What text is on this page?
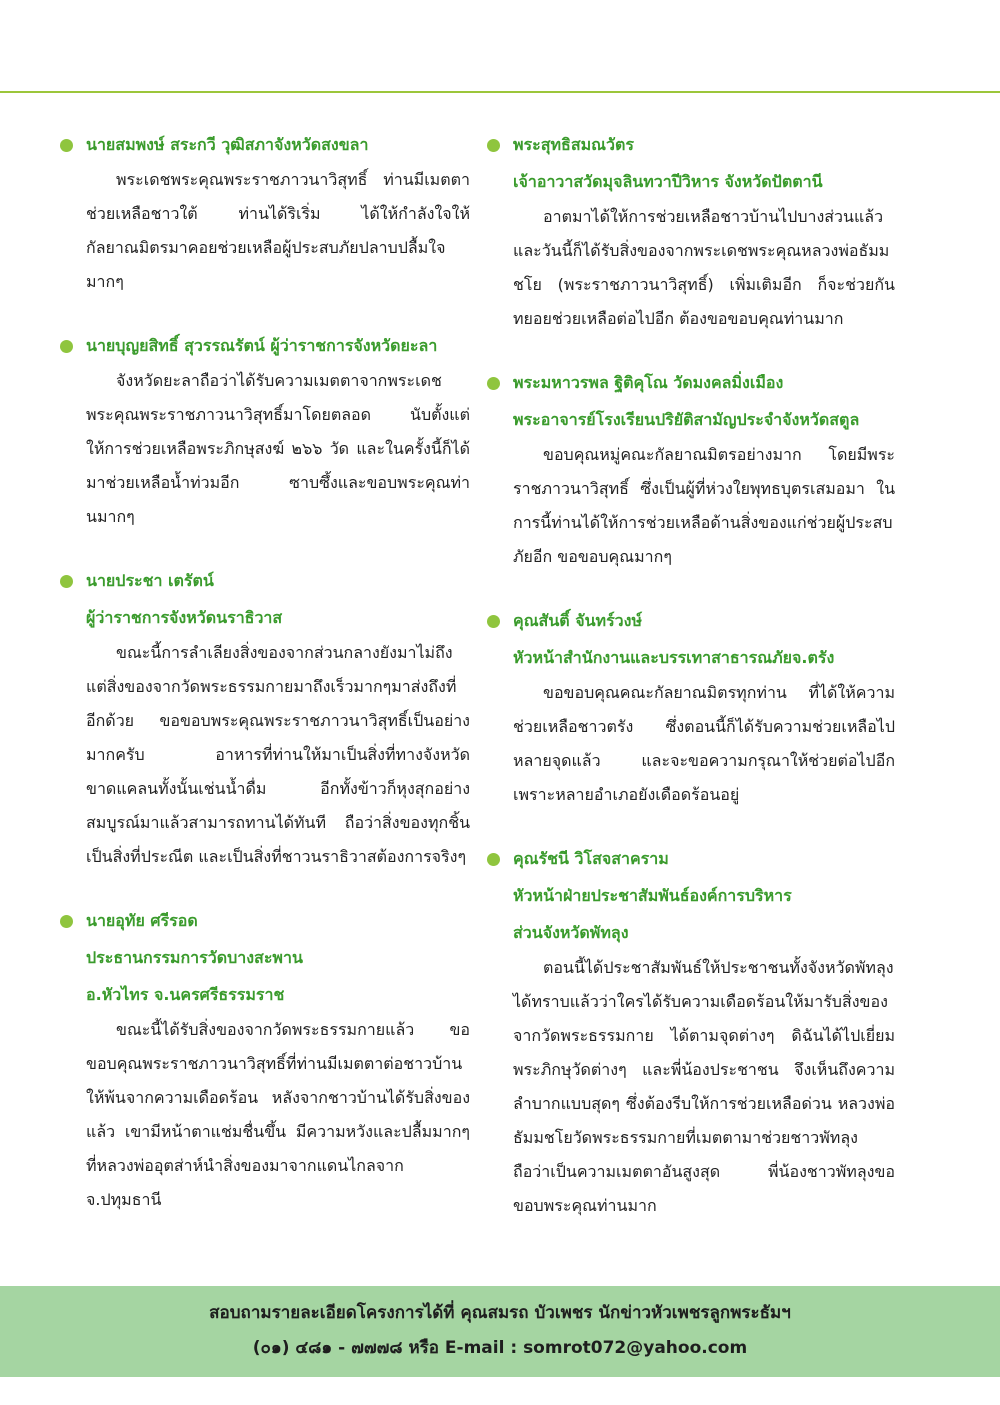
นายสมพงษ์ สระกวี วุฒิสภาจังหวัดสงขลา

พระเดชพระคุณพระราชภาวนาวิสุทธิ์ ท่านมีเมตตาช่วยเหลือชาวใต้ ท่านได้ริเริ่ม ได้ให้กำลังใจให้กัลยาณมิตรมาคอยช่วยเหลือผู้ประสบภัยปลาบปลื้มใจมากๆ

นายบุญยสิทธิ์ สุวรรณรัตน์ ผู้ว่าราชการจังหวัดยะลา

จังหวัดยะลาถือว่าได้รับความเมตตาจากพระเดชพระคุณพระราชภาวนาวิสุทธิ์มาโดยตลอด นับตั้งแต่ให้การช่วยเหลือพระภิกษุสงฆ์ ๒๖๖ วัด และในครั้งนี้ก็ได้มาช่วยเหลือน้ำท่วมอีก ซาบซึ้งและขอบพระคุณท่านมากๆ

นายประชา เตรัตน์
ผู้ว่าราชการจังหวัดนราธิวาส

ขณะนี้การลำเลียงสิ่งของจากส่วนกลางยังมาไม่ถึง แต่สิ่งของจากวัดพระธรรมกายมาถึงเร็วมากๆมาส่งถึงที่อีกด้วย ขอขอบพระคุณพระราชภาวนาวิสุทธิ์เป็นอย่างมากครับ อาหารที่ท่านให้มาเป็นสิ่งที่ทางจังหวัดขาดแคลนทั้งนั้นเช่นน้ำดื่ม อีกทั้งข้าวก็หุงสุกอย่างสมบูรณ์มาแล้วสามารถทานได้ทันที ถือว่าสิ่งของทุกชิ้นเป็นสิ่งที่ประณีต และเป็นสิ่งที่ชาวนราธิวาสต้องการจริงๆ

นายอุทัย ศรีรอด
ประธานกรรมการวัดบางสะพาน
อ.หัวไทร จ.นครศรีธรรมราช

ขณะนี้ได้รับสิ่งของจากวัดพระธรรมกายแล้ว ขอขอบคุณพระราชภาวนาวิสุทธิ์ที่ท่านมีเมตตาต่อชาวบ้านให้พ้นจากความเดือดร้อน หลังจากชาวบ้านได้รับสิ่งของแล้ว เขามีหน้าตาแช่มชื่นขึ้น มีความหวังและปลื้มมากๆ ที่หลวงพ่ออุตส่าห์นำสิ่งของมาจากแดนไกลจาก จ.ปทุมธานี

พระสุทธิสมณวัตร
เจ้าอาวาสวัดมุจลินทวาปีวิหาร จังหวัดปัตตานี

อาตมาได้ให้การช่วยเหลือชาวบ้านไปบางส่วนแล้ว และวันนี้ก็ได้รับสิ่งของจากพระเดชพระคุณหลวงพ่อธัมมชโย (พระราชภาวนาวิสุทธิ์) เพิ่มเติมอีก ก็จะช่วยกันทยอยช่วยเหลือต่อไปอีก ต้องขอขอบคุณท่านมาก

พระมหาวรพล ฐิติคุโณ วัดมงคลมิ่งเมือง
พระอาจารย์โรงเรียนปริยัติสามัญประจำจังหวัดสตูล

ขอบคุณหมู่คณะกัลยาณมิตรอย่างมาก โดยมีพระราชภาวนาวิสุทธิ์ ซึ่งเป็นผู้ที่ห่วงใยพุทธบุตรเสมอมา ในการนี้ท่านได้ให้การช่วยเหลือด้านสิ่งของแก่ช่วยผู้ประสบภัยอีก ขอขอบคุณมากๆ

คุณสันติ์ จันทร์วงษ์
หัวหน้าสำนักงานและบรรเทาสาธารณภัยจ.ตรัง

ขอขอบคุณคณะกัลยาณมิตรทุกท่าน ที่ได้ให้ความช่วยเหลือชาวตรัง ซึ่งตอนนี้ก็ได้รับความช่วยเหลือไปหลายจุดแล้ว และจะขอความกรุณาให้ช่วยต่อไปอีก เพราะหลายอำเภอยังเดือดร้อนอยู่

คุณรัชนี วิโสจสาคราม
หัวหน้าฝ่ายประชาสัมพันธ์องค์การบริหาร
ส่วนจังหวัดพัทลุง

ตอนนี้ได้ประชาสัมพันธ์ให้ประชาชนทั้งจังหวัดพัทลุงได้ทราบแล้วว่าใครได้รับความเดือดร้อนให้มารับสิ่งของจากวัดพระธรรมกาย ได้ตามจุดต่างๆ ดิฉันได้ไปเยี่ยมพระภิกษุวัดต่างๆ และพี่น้องประชาชน จึงเห็นถึงความลำบากแบบสุดๆ ซึ่งต้องรีบให้การช่วยเหลือด่วน หลวงพ่อธัมมชโยวัดพระธรรมกายที่เมตตามาช่วยชาวพัทลุงถือว่าเป็นความเมตตาอันสูงสุด พี่น้องชาวพัทลุงขอขอบพระคุณท่านมาก

สอบถามรายละเอียดโครงการได้ที่ คุณสมรถ บัวเพชร นักข่าวหัวเพชรลูกพระธัมฯ
(๐๑) ๔๘๑ - ๗๗๗๘ หรือ E-mail : somrot072@yahoo.com
